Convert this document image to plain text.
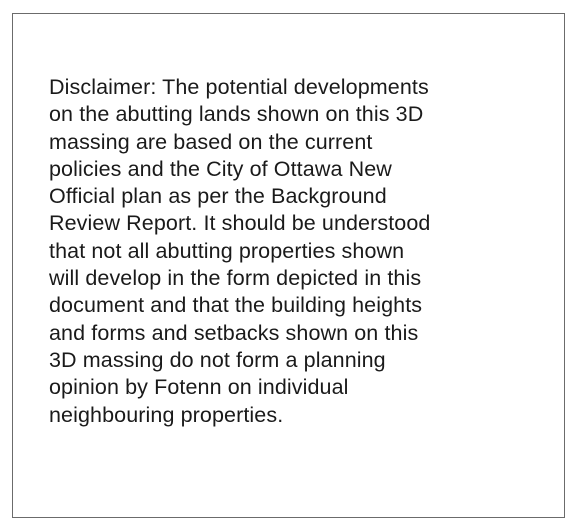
Disclaimer: The potential developments
on the abutting lands shown on this 3D
massing are based on the current
policies and the City of Ottawa New
Official plan as per the Background
Review Report. It should be understood
that not all abutting properties shown
will develop in the form depicted in this
document and that the building heights
and forms and setbacks shown on this
3D massing do not form a planning
opinion by Fotenn on individual
neighbouring properties.
